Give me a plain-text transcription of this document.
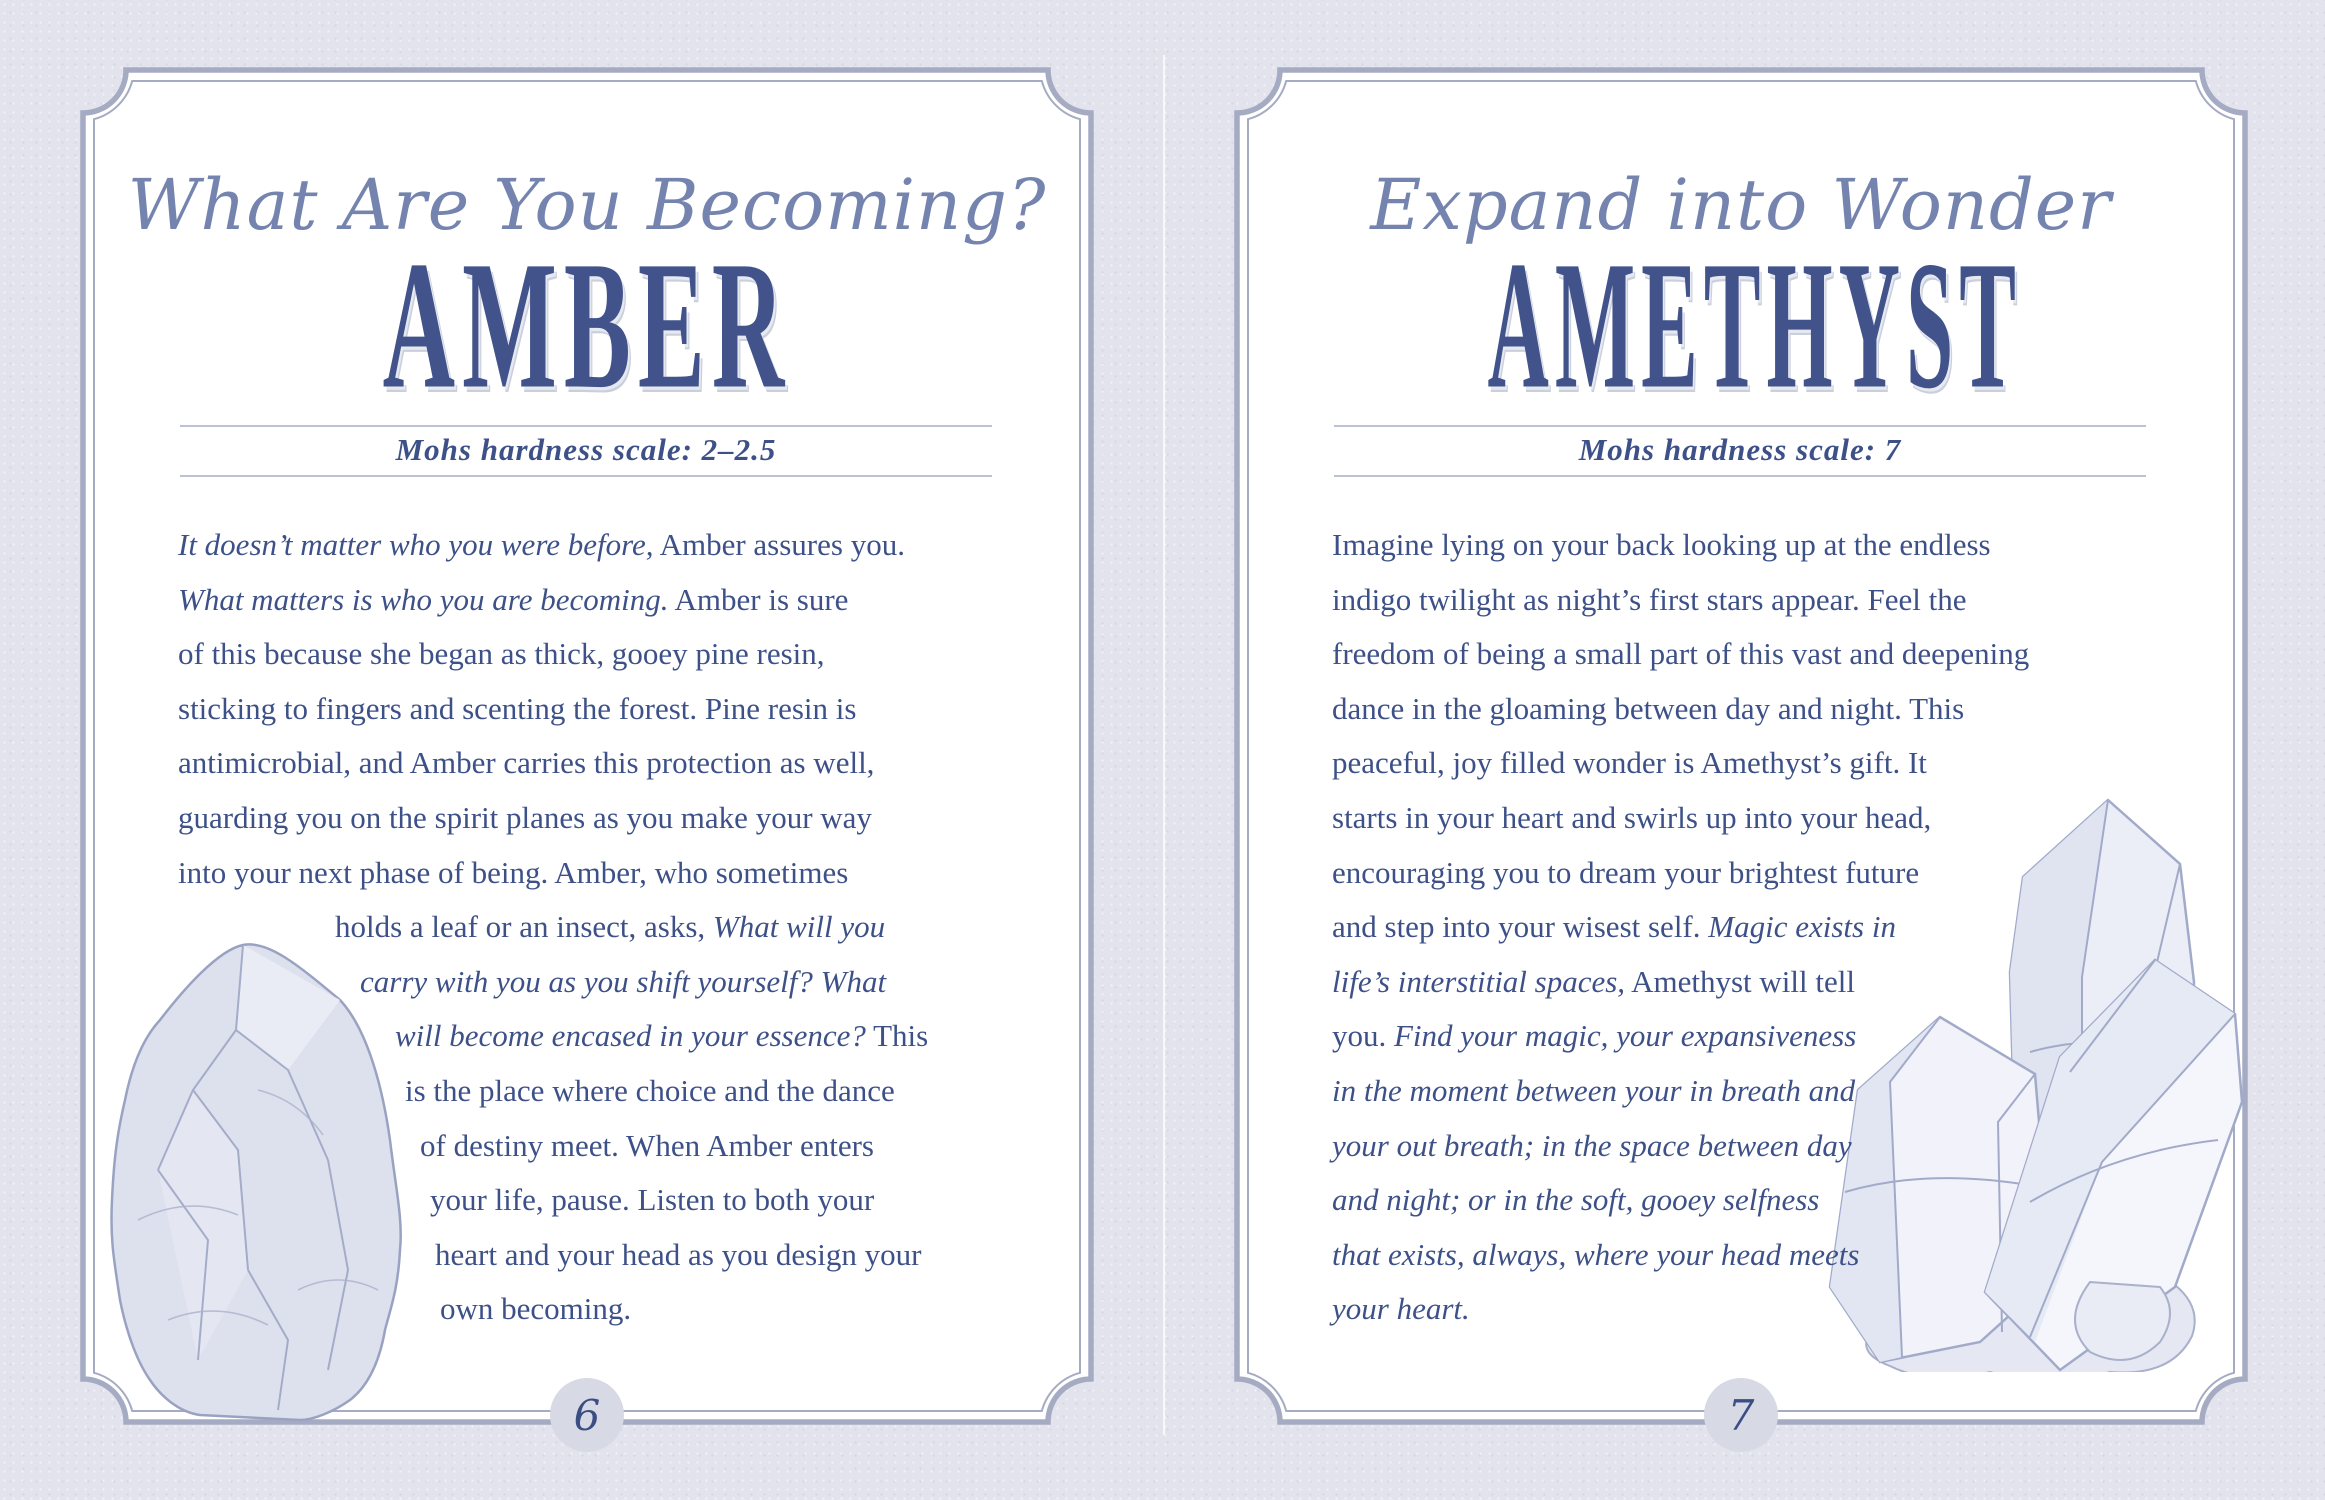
What Are You Becoming?
AMBER
Mohs hardness scale: 2–2.5
It doesn’t matter who you were before, Amber assures you.
What matters is who you are becoming. Amber is sure
of this because she began as thick, gooey pine resin,
sticking to fingers and scenting the forest. Pine resin is
antimicrobial, and Amber carries this protection as well,
guarding you on the spirit planes as you make your way
into your next phase of being. Amber, who sometimes
holds a leaf or an insect, asks, What will you
carry with you as you shift yourself? What
will become encased in your essence? This
is the place where choice and the dance
of destiny meet. When Amber enters
your life, pause. Listen to both your
heart and your head as you design your
own becoming.
6
Expand into Wonder
AMETHYST
Mohs hardness scale: 7
Imagine lying on your back looking up at the endless
indigo twilight as night’s first stars appear. Feel the
freedom of being a small part of this vast and deepening
dance in the gloaming between day and night. This
peaceful, joy filled wonder is Amethyst’s gift. It
starts in your heart and swirls up into your head,
encouraging you to dream your brightest future
and step into your wisest self. Magic exists in
life’s interstitial spaces, Amethyst will tell
you. Find your magic, your expansiveness
in the moment between your in breath and
your out breath; in the space between day
and night; or in the soft, gooey selfness
that exists, always, where your head meets
your heart.
7
